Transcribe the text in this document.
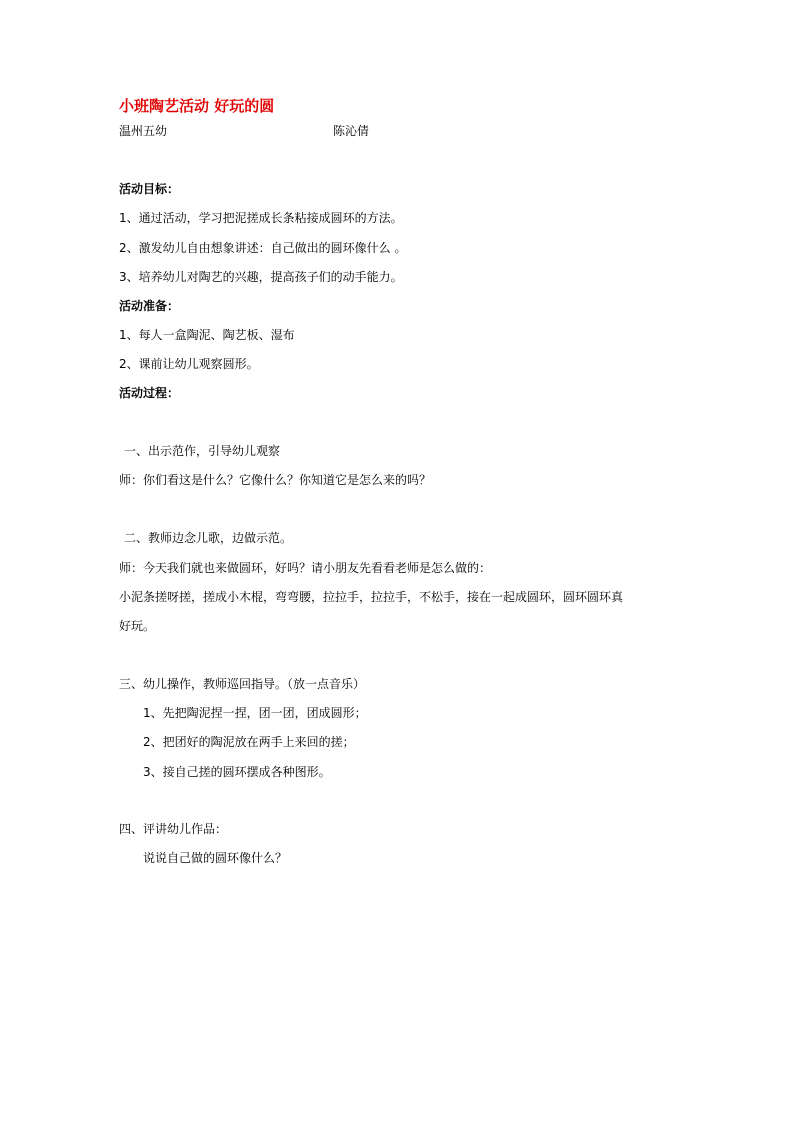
小班陶艺活动 好玩的圆
温州五幼	陈沁倩
活动目标：
1、通过活动，学习把泥搓成长条粘接成圆环的方法。
2、激发幼儿自由想象讲述：自己做出的圆环像什么 。
3、培养幼儿对陶艺的兴趣，提高孩子们的动手能力。
活动准备：
1、每人一盒陶泥、陶艺板、湿布
2、课前让幼儿观察圆形。
活动过程：
一、出示范作，引导幼儿观察
师：你们看这是什么？它像什么？你知道它是怎么来的吗？
二、教师边念儿歌，边做示范。
师：今天我们就也来做圆环，好吗？请小朋友先看看老师是怎么做的：
小泥条搓呀搓，搓成小木棍，弯弯腰，拉拉手，拉拉手，不松手，接在一起成圆环，圆环圆环真
好玩。
三、幼儿操作，教师巡回指导。（放一点音乐）
1、先把陶泥捏一捏，团一团，团成圆形；
2、把团好的陶泥放在两手上来回的搓；
3、接自己搓的圆环摆成各种图形。
四、评讲幼儿作品：
说说自己做的圆环像什么？
